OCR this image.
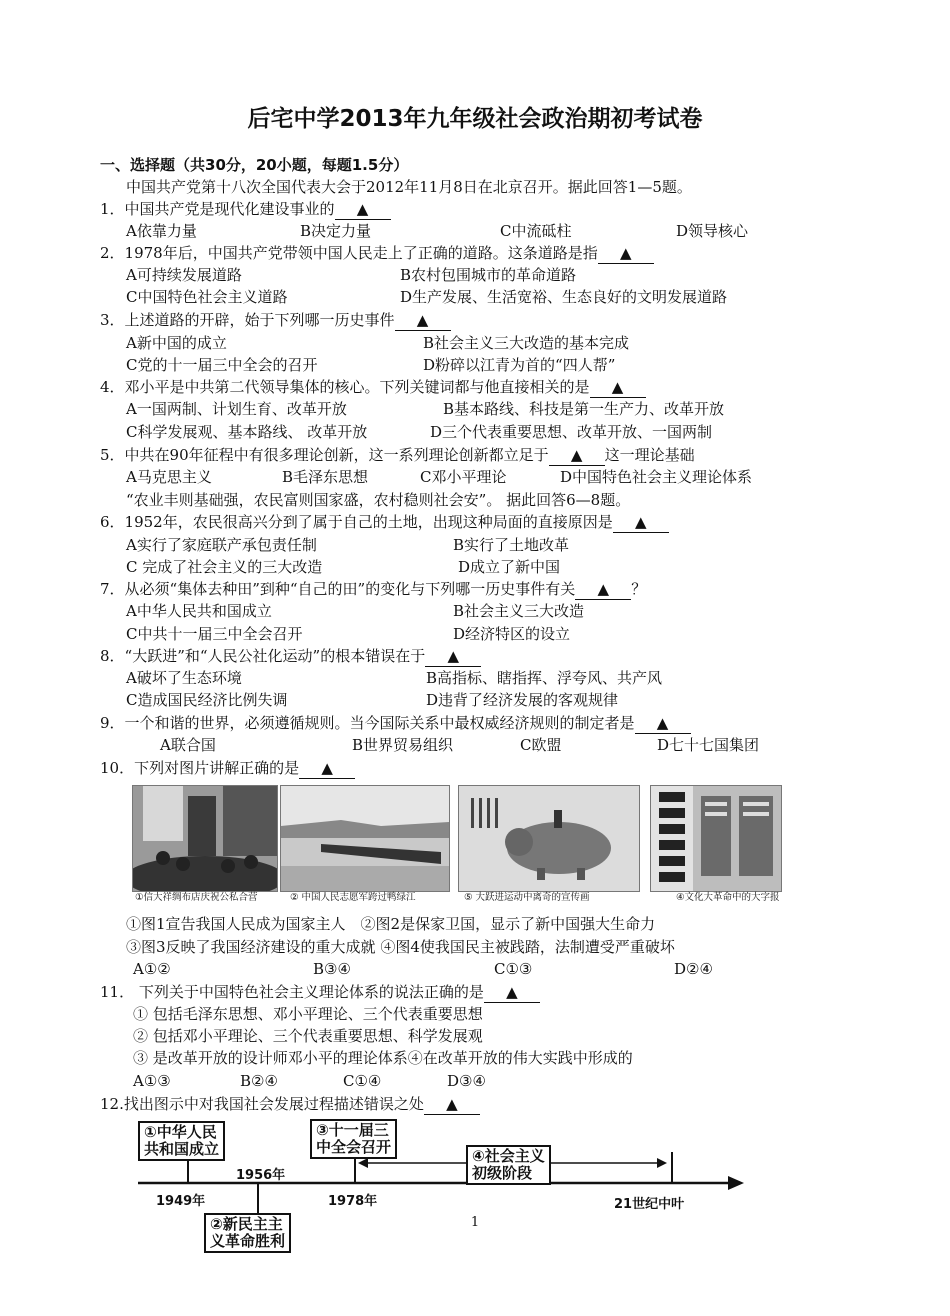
后宅中学2013年九年级社会政治期初考试卷
一、选择题（共30分，20小题，每题1.5分）
中国共产党第十八次全国代表大会于2012年11月8日在北京召开。据此回答1—5题。
1．中国共产党是现代化建设事业的 ▲
A依靠力量	B决定力量	C中流砥柱	D领导核心
2．1978年后，中国共产党带领中国人民走上了正确的道路。这条道路是指 ▲
A可持续发展道路	B农村包围城市的革命道路
C中国特色社会主义道路	D生产发展、生活宽裕、生态良好的文明发展道路
3．上述道路的开辟，始于下列哪一历史事件 ▲
A新中国的成立	B社会主义三大改造的基本完成
C党的十一届三中全会的召开	D粉碎以江青为首的“四人帮”
4．邓小平是中共第二代领导集体的核心。下列关键词都与他直接相关的是 ▲
A一国两制、计划生育、改革开放	B基本路线、科技是第一生产力、改革开放
C科学发展观、基本路线、 改革开放	D三个代表重要思想、改革开放、一国两制
5．中共在90年征程中有很多理论创新，这一系列理论创新都立足于 ▲ 这一理论基础
A马克思主义	B毛泽东思想	C邓小平理论	D中国特色社会主义理论体系
“农业丰则基础强，农民富则国家盛，农村稳则社会安”。 据此回答6—8题。
6．1952年，农民很高兴分到了属于自己的土地，出现这种局面的直接原因是 ▲
A实行了家庭联产承包责任制	B实行了土地改革
C 完成了社会主义的三大改造	D成立了新中国
7．从必须“集体去种田”到种“自己的田”的变化与下列哪一历史事件有关 ▲ ？
A中华人民共和国成立	B社会主义三大改造
C中共十一届三中全会召开	D经济特区的设立
8．“大跃进”和“人民公社化运动”的根本错误在于 ▲
A破坏了生态环境	B高指标、瞎指挥、浮夸风、共产风
C造成国民经济比例失调	D违背了经济发展的客观规律
9．一个和谐的世界，必须遵循规则。当今国际关系中最权威经济规则的制定者是 ▲
A联合国	B世界贸易组织	C欧盟	D七十七国集团
10．下列对图片讲解正确的是 ▲
①信大祥绸布店庆祝公私合营	② 中国人民志愿军跨过鸭绿江	⑤ 大跃进运动中离奇的宣传画	④文化大革命中的大字报
①图1宣告我国人民成为国家主人　②图2是保家卫国，显示了新中国强大生命力
③图3反映了我国经济建设的重大成就 ④图4使我国民主被践踏，法制遭受严重破坏
A①②	B③④	C①③	D②④
11． 下列关于中国特色社会主义理论体系的说法正确的是 ▲
① 包括毛泽东思想、邓小平理论、三个代表重要思想
② 包括邓小平理论、三个代表重要思想、科学发展观
③ 是改革开放的设计师邓小平的理论体系④在改革开放的伟大实践中形成的
A①③	B②④	C①④	D③④
12.找出图示中对我国社会发展过程描述错误之处 ▲
①中华人民
共和国成立
②新民主主
义革命胜利
③十一届三
中全会召开	④社会主义
初级阶段
1956年
1949年	1978年	21世纪中叶
1
